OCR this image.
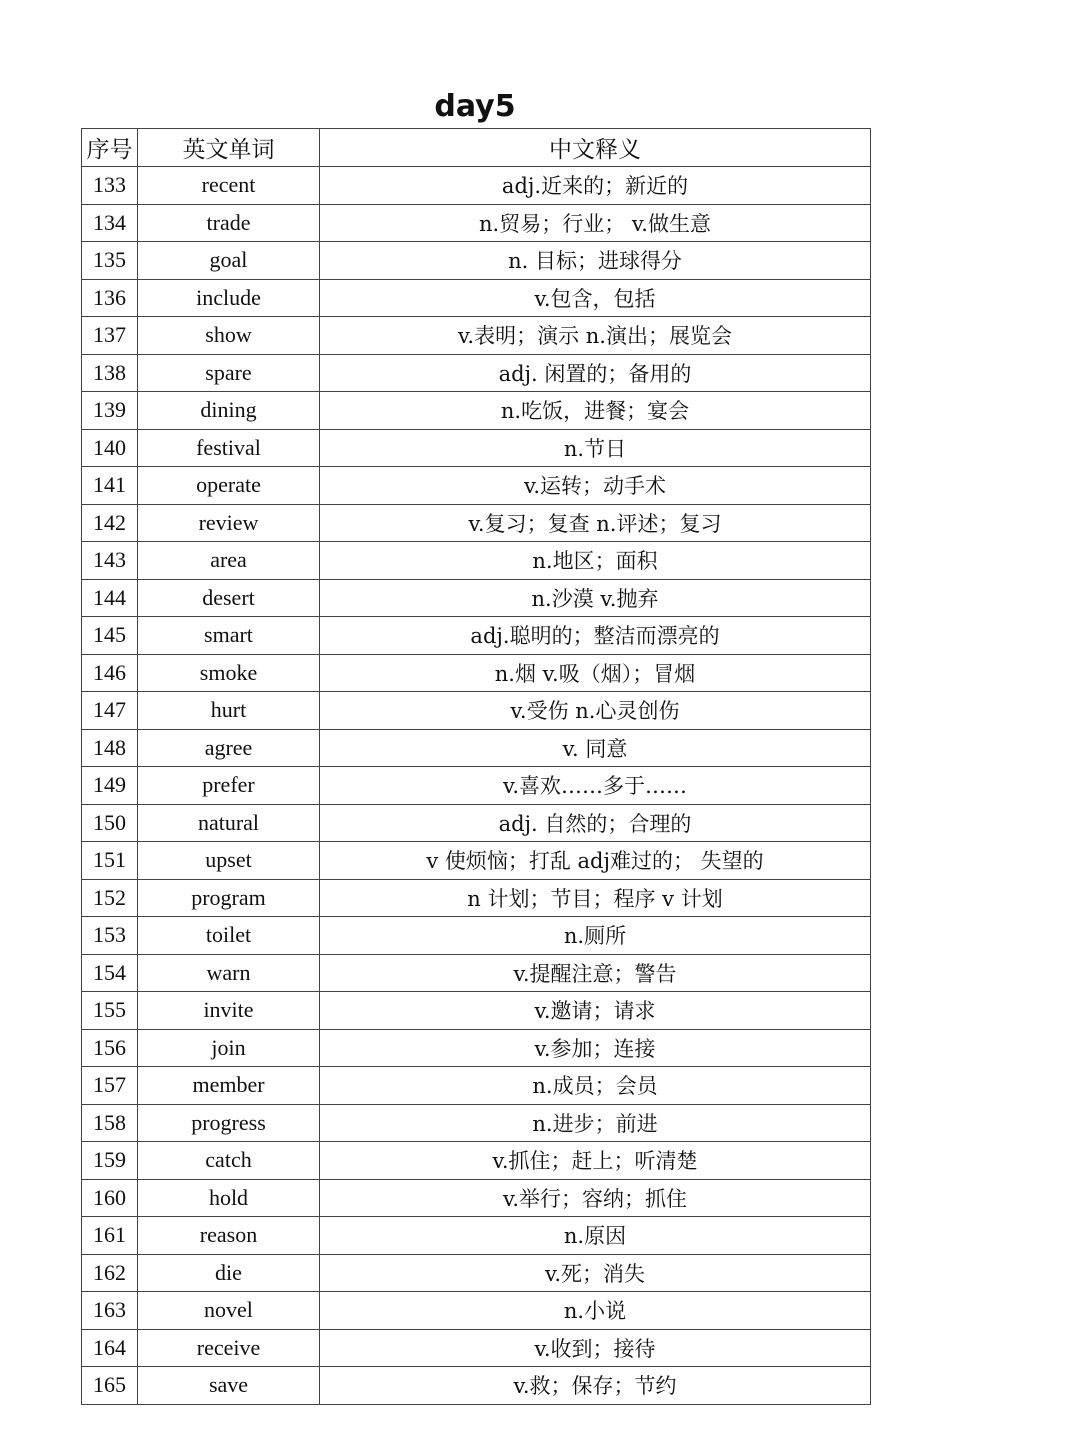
day5
序号	英文单词	中文释义
133	recent	adj.近来的；新近的
134	trade	n.贸易；行业； v.做生意
135	goal	n. 目标；进球得分
136	include	v.包含，包括
137	show	v.表明；演示 n.演出；展览会
138	spare	adj. 闲置的；备用的
139	dining	n.吃饭，进餐；宴会
140	festival	n.节日
141	operate	v.运转；动手术
142	review	v.复习；复查 n.评述；复习
143	area	n.地区；面积
144	desert	n.沙漠 v.抛弃
145	smart	adj.聪明的；整洁而漂亮的
146	smoke	n.烟 v.吸（烟）；冒烟
147	hurt	v.受伤 n.心灵创伤
148	agree	v. 同意
149	prefer	v.喜欢……多于……
150	natural	adj. 自然的；合理的
151	upset	v 使烦恼；打乱 adj难过的； 失望的
152	program	n 计划；节目；程序 v 计划
153	toilet	n.厕所
154	warn	v.提醒注意；警告
155	invite	v.邀请；请求
156	join	v.参加；连接
157	member	n.成员；会员
158	progress	n.进步；前进
159	catch	v.抓住；赶上；听清楚
160	hold	v.举行；容纳；抓住
161	reason	n.原因
162	die	v.死；消失
163	novel	n.小说
164	receive	v.收到；接待
165	save	v.救；保存；节约
